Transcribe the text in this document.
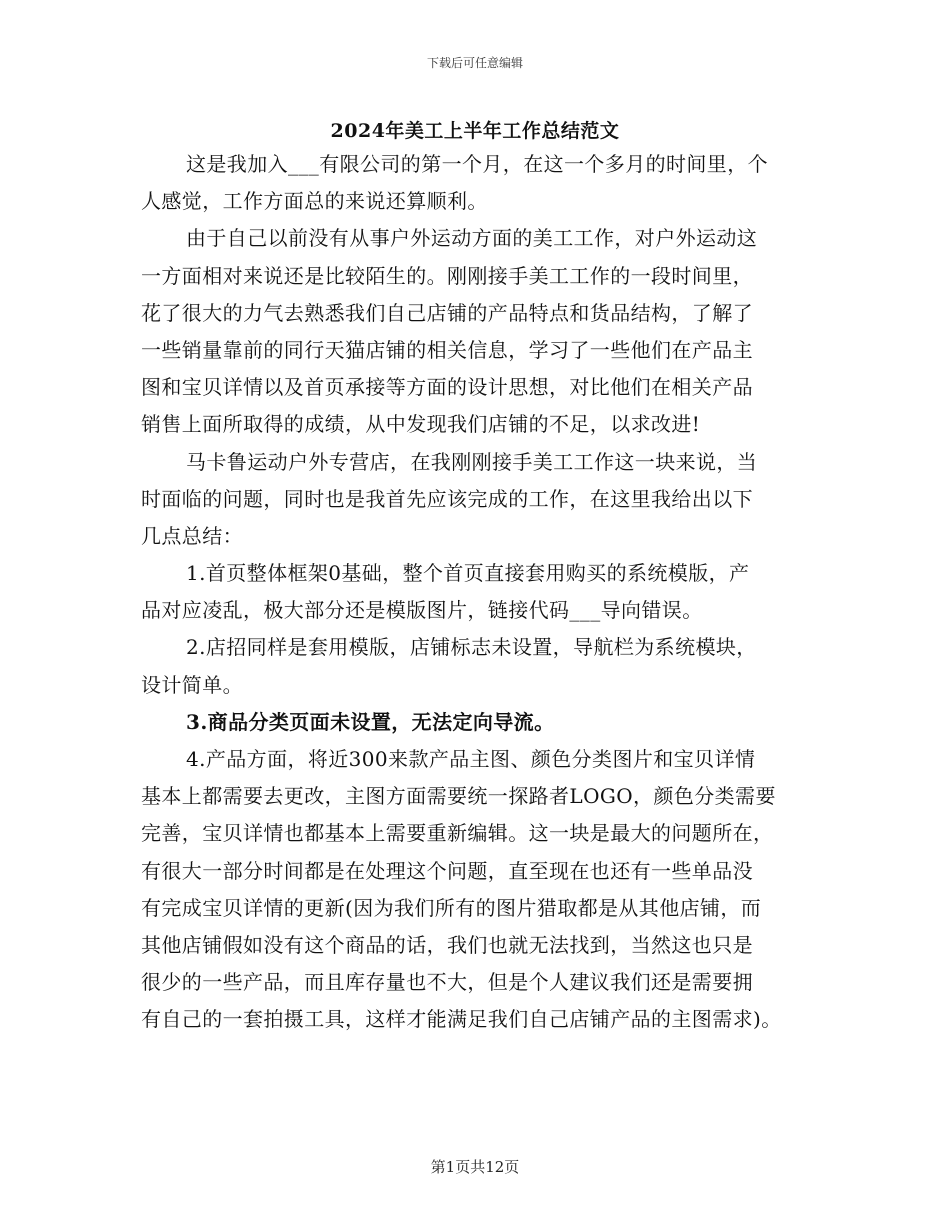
下载后可任意编辑
2024年美工上半年工作总结范文
这是我加入___有限公司的第一个月，在这一个多月的时间里，个
人感觉，工作方面总的来说还算顺利。
由于自己以前没有从事户外运动方面的美工工作，对户外运动这
一方面相对来说还是比较陌生的。刚刚接手美工工作的一段时间里，
花了很大的力气去熟悉我们自己店铺的产品特点和货品结构，了解了
一些销量靠前的同行天猫店铺的相关信息，学习了一些他们在产品主
图和宝贝详情以及首页承接等方面的设计思想，对比他们在相关产品
销售上面所取得的成绩，从中发现我们店铺的不足，以求改进!
马卡鲁运动户外专营店，在我刚刚接手美工工作这一块来说，当
时面临的问题，同时也是我首先应该完成的工作，在这里我给出以下
几点总结：
1.首页整体框架0基础，整个首页直接套用购买的系统模版，产
品对应凌乱，极大部分还是模版图片，链接代码___导向错误。
2.店招同样是套用模版，店铺标志未设置，导航栏为系统模块，
设计简单。
3.商品分类页面未设置，无法定向导流。
4.产品方面，将近300来款产品主图、颜色分类图片和宝贝详情
基本上都需要去更改，主图方面需要统一探路者LOGO，颜色分类需要
完善，宝贝详情也都基本上需要重新编辑。这一块是最大的问题所在，
有很大一部分时间都是在处理这个问题，直至现在也还有一些单品没
有完成宝贝详情的更新(因为我们所有的图片猎取都是从其他店铺，而
其他店铺假如没有这个商品的话，我们也就无法找到，当然这也只是
很少的一些产品，而且库存量也不大，但是个人建议我们还是需要拥
有自己的一套拍摄工具，这样才能满足我们自己店铺产品的主图需求)。
第1页共12页
